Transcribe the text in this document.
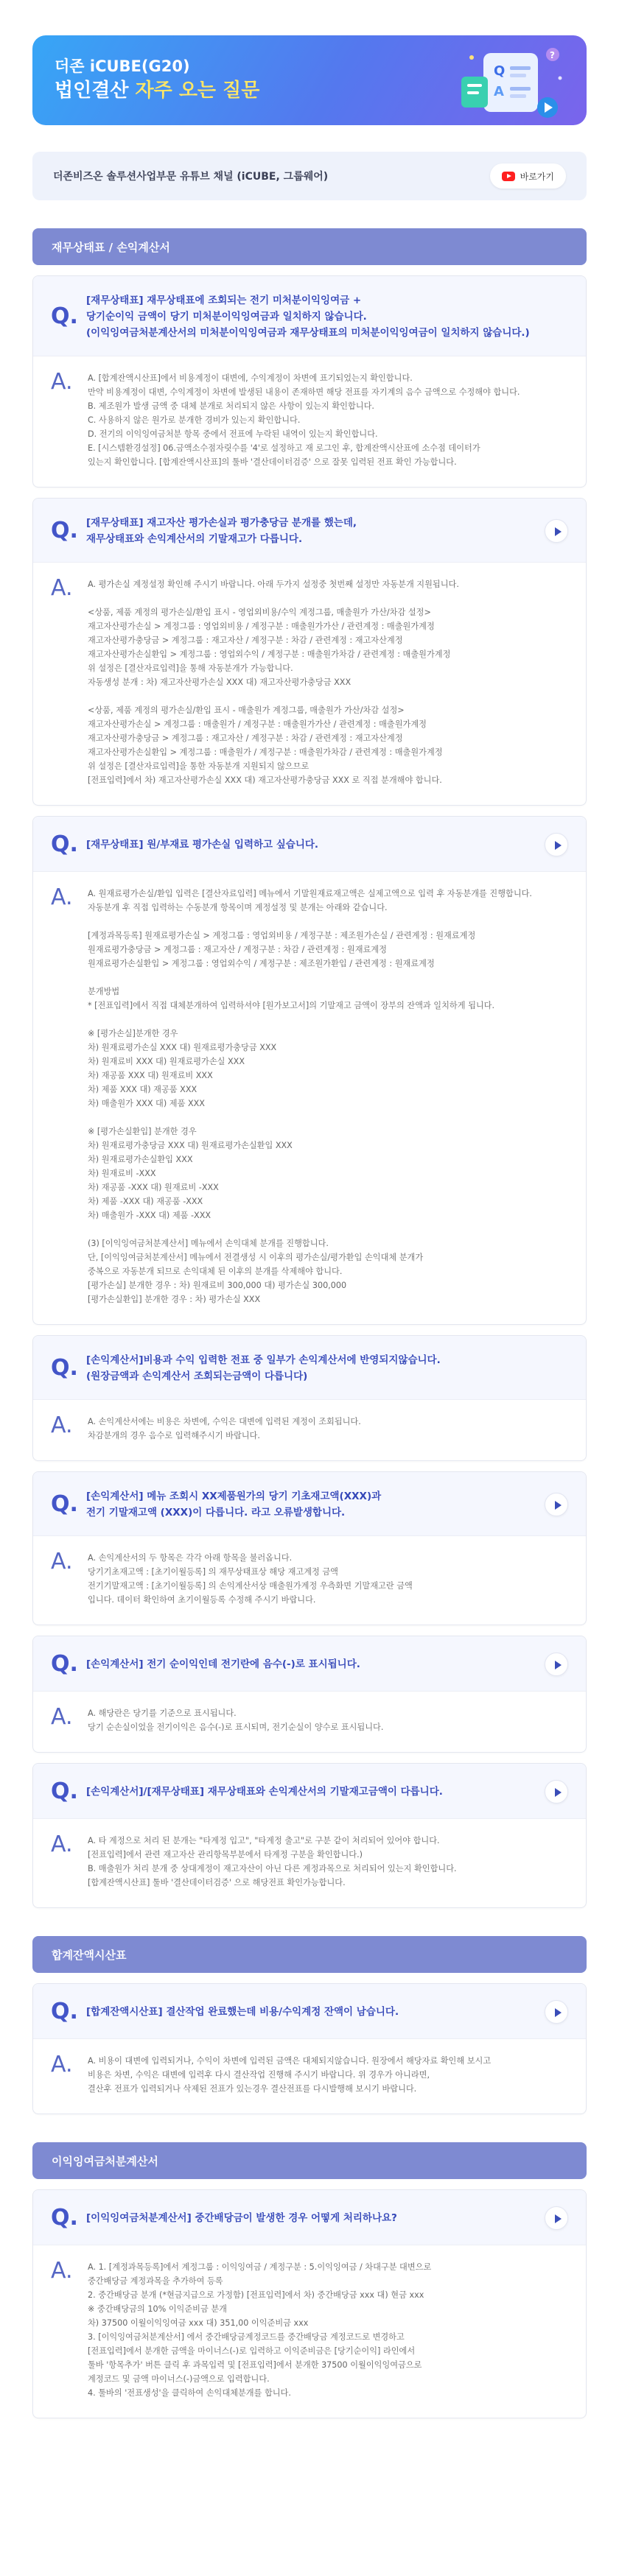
더존 iCUBE(G20)
법인결산 자주 오는 질문
Q
A
?
더존비즈온 솔루션사업부문 유튜브 채널 (iCUBE, 그룹웨어)	바로가기
재무상태표 / 손익계산서
Q.
[재무상태표] 재무상태표에 조회되는 전기 미처분이익잉여금 +
당기순이익 금액이 당기 미처분이익잉여금과 일치하지 않습니다.
(이익잉여금처분계산서의 미처분이익잉여금과 재무상태표의 미처분이익잉여금이 일치하지 않습니다.)
A. A. [합계잔액시산표]에서 비용계정이 대변에, 수익계정이 차변에 표기되었는지 확인합니다.
만약 비용계정이 대변, 수익계정이 차변에 발생된 내용이 존재하면 해당 전표를 자기계의 음수 금액으로 수정해야 합니다.
B. 제조원가 발생 금액 중 대체 분개로 처리되지 않은 사항이 있는지 확인합니다.
C. 사용하지 않은 원가로 분개한 경비가 있는지 확인합니다.
D. 전기의 이익잉여금처분 항목 중에서 전표에 누락된 내역이 있는지 확인합니다.
E. [시스템환경설정] 06.금액소수점자릿수를 '4'로 설정하고 재 로그인 후, 합계잔액시산표에 소수점 데이터가
있는지 확인합니다. [합계잔액시산표]의 툴바 '결산데이터검증' 으로 잘못 입력된 전표 확인 가능합니다.
Q. [재무상태표] 재고자산 평가손실과 평가충당금 분개를 했는데,
재무상태표와 손익계산서의 기말재고가 다릅니다.
A. A. 평가손실 계정설정 확인해 주시기 바랍니다. 아래 두가지 설정중 첫번째 설정만 자동분개 지원됩니다.

<상품, 제품 계정의 평가손실/환입 표시 - 영업외비용/수익 계정그룹, 매출원가 가산/차감 설정>
재고자산평가손실 > 계정그룹 : 영업외비용 / 계정구분 : 매출원가가산 / 관련계정 : 매출원가계정
재고자산평가충당금 > 계정그룹 : 재고자산 / 계정구분 : 차감 / 관련계정 : 재고자산계정
재고자산평가손실환입 > 계정그룹 : 영업외수익 / 계정구분 : 매출원가차감 / 관련계정 : 매출원가계정
위 설정은 [결산자료입력]을 통해 자동분개가 가능합니다.
자동생성 분개 : 차) 재고자산평가손실 XXX 대) 재고자산평가충당금 XXX

<상품, 제품 계정의 평가손실/환입 표시 - 매출원가 계정그룹, 매출원가 가산/차감 설정>
재고자산평가손실 > 계정그룹 : 매출원가 / 계정구분 : 매출원가가산 / 관련계정 : 매출원가계정
재고자산평가충당금 > 계정그룹 : 재고자산 / 계정구분 : 차감 / 관련계정 : 재고자산계정
재고자산평가손실환입 > 계정그룹 : 매출원가 / 계정구분 : 매출원가차감 / 관련계정 : 매출원가계정
위 설정은 [결산자료입력]을 통한 자동분개 지원되지 않으므로
[전표입력]에서 차) 재고자산평가손실 XXX 대) 재고자산평가충당금 XXX 로 직접 분개해야 합니다.
Q. [재무상태표] 원/부재료 평가손실 입력하고 싶습니다.
A. A. 원재료평가손실/환입 입력은 [결산자료입력] 메뉴에서 기말원재료재고액은 실제고액으로 입력 후 자동분개를 진행합니다.
자동분개 후 직접 입력하는 수동분개 항목이며 계정설정 및 분개는 아래와 같습니다.

[계정과목등록] 원재료평가손실 > 계정그룹 : 영업외비용 / 계정구분 : 제조원가손실 / 관련계정 : 원재료계정
원재료평가충당금 > 계정그룹 : 재고자산 / 계정구분 : 차감 / 관련계정 : 원재료계정
원재료평가손실환입 > 계정그룹 : 영업외수익 / 계정구분 : 제조원가환입 / 관련계정 : 원재료계정

분개방법
* [전표입력]에서 직접 대체분개하여 입력하셔야 [원가보고서]의 기말재고 금액이 장부의 잔액과 일치하게 됩니다.

※ [평가손실]분개한 경우
차) 원재료평가손실 XXX 대) 원재료평가충당금 XXX
차) 원재료비 XXX 대) 원재료평가손실 XXX
차) 재공품 XXX 대) 원재료비 XXX
차) 제품 XXX 대) 재공품 XXX
차) 매출원가 XXX 대) 제품 XXX

※ [평가손실환입] 분개한 경우
차) 원재료평가충당금 XXX 대) 원재료평가손실환입 XXX
차) 원재료평가손실환입 XXX
차) 원재료비 -XXX
차) 재공품 -XXX 대) 원재료비 -XXX
차) 제품 -XXX 대) 재공품 -XXX
차) 매출원가 -XXX 대) 제품 -XXX

(3) [이익잉여금처분계산서] 메뉴에서 손익대체 분개를 진행합니다.
단, [이익잉여금처분계산서] 메뉴에서 전결생성 시 이후의 평가손실/평가환입 손익대체 분개가
중복으로 자동분개 되므로 손익대체 된 이후의 분개를 삭제해야 합니다.
[평가손실] 분개한 경우 : 차) 원재료비 300,000 대) 평가손실 300,000
[평가손실환입] 분개한 경우 : 차) 평가손실 XXX
Q. [손익계산서]비용과 수익 입력한 전표 중 일부가 손익계산서에 반영되지않습니다.
(원장금액과 손익계산서 조회되는금액이 다릅니다)
A. A. 손익계산서에는 비용은 차변에, 수익은 대변에 입력된 계정이 조회됩니다.
차감분개의 경우 음수로 입력해주시기 바랍니다.
Q. [손익계산서] 메뉴 조회시 XX제품원가의 당기 기초재고액(XXX)과
전기 기말재고액 (XXX)이 다릅니다. 라고 오류발생합니다.
A. A. 손익계산서의 두 항목은 각각 아래 항목을 불러옵니다.
당기기초재고액 : [초기이월등록] 의 재무상태표상 해당 재고계정 금액
전기기말재고액 : [초기이월등록] 의 손익계산서상 매출원가계정 우측화면 기말재고란 금액
입니다. 데이터 확인하여 초기이월등록 수정해 주시기 바랍니다.
Q. [손익계산서] 전기 순이익인데 전기란에 음수(-)로 표시됩니다.
A. A. 해당란은 당기를 기준으로 표시됩니다.
당기 순손실이었을 전기이익은 음수(-)로 표시되며, 전기순실이 양수로 표시됩니다.
Q. [손익계산서]/[재무상태표] 재무상태표와 손익계산서의 기말재고금액이 다릅니다.
A. A. 타 계정으로 처리 된 분개는 "타계정 입고", "타계정 출고"로 구분 같이 처리되어 있어야 합니다.
[전표입력]에서 관련 재고자산 관리항목부분에서 타계정 구분을 확인합니다.)
B. 매출원가 처리 분개 중 상대계정이 재고자산이 아닌 다른 계정과목으로 처리되어 있는지 확인합니다.
[합계잔액시산표] 툴바 '결산데이터검증' 으로 해당전표 확인가능합니다.
합계잔액시산표
Q. [합계잔액시산표] 결산작업 완료했는데 비용/수익계정 잔액이 남습니다.
A. A. 비용이 대변에 입력되거나, 수익이 차변에 입력된 금액은 대체되지않습니다. 원장에서 해당자료 확인해 보시고
비용은 차변, 수익은 대변에 입력후 다시 결산작업 진행해 주시기 바랍니다. 위 경우가 아니라면,
결산후 전표가 입력되거나 삭제된 전표가 있는경우 결산전표를 다시발행해 보시기 바랍니다.
이익잉여금처분계산서
Q. [이익잉여금처분계산서] 중간배당금이 발생한 경우 어떻게 처리하나요?
A. A. 1. [계정과목등록]에서 계정그룹 : 이익잉여금 / 계정구분 : 5.이익잉여금 / 차대구분 대변으로
중간배당금 계정과목을 추가하여 등록
2. 중간배당금 분개 (*현금지급으로 가정함) [전표입력]에서 차) 중간배당금 xxx 대) 현금 xxx
※ 중간배당금의 10% 이익준비금 분개
차) 37500 이월이익잉여금 xxx 대) 351,00 이익준비금 xxx
3. [이익잉여금처분계산서] 에서 중간배당금계정코드를 중간배당금 계정코드로 변경하고
[전표입력]에서 분개한 금액을 마이너스(-)로 입력하고 이익준비금은 [당기순이익] 라인에서
툴바 '항목추가' 버튼 클릭 후 과목입력 및 [전표입력]에서 분개한 37500 이월이익잉여금으로
계정코드 및 금액 마이너스(-)금액으로 입력합니다.
4. 툴바의 '전표생성'을 클릭하여 손익대체분개를 합니다.
